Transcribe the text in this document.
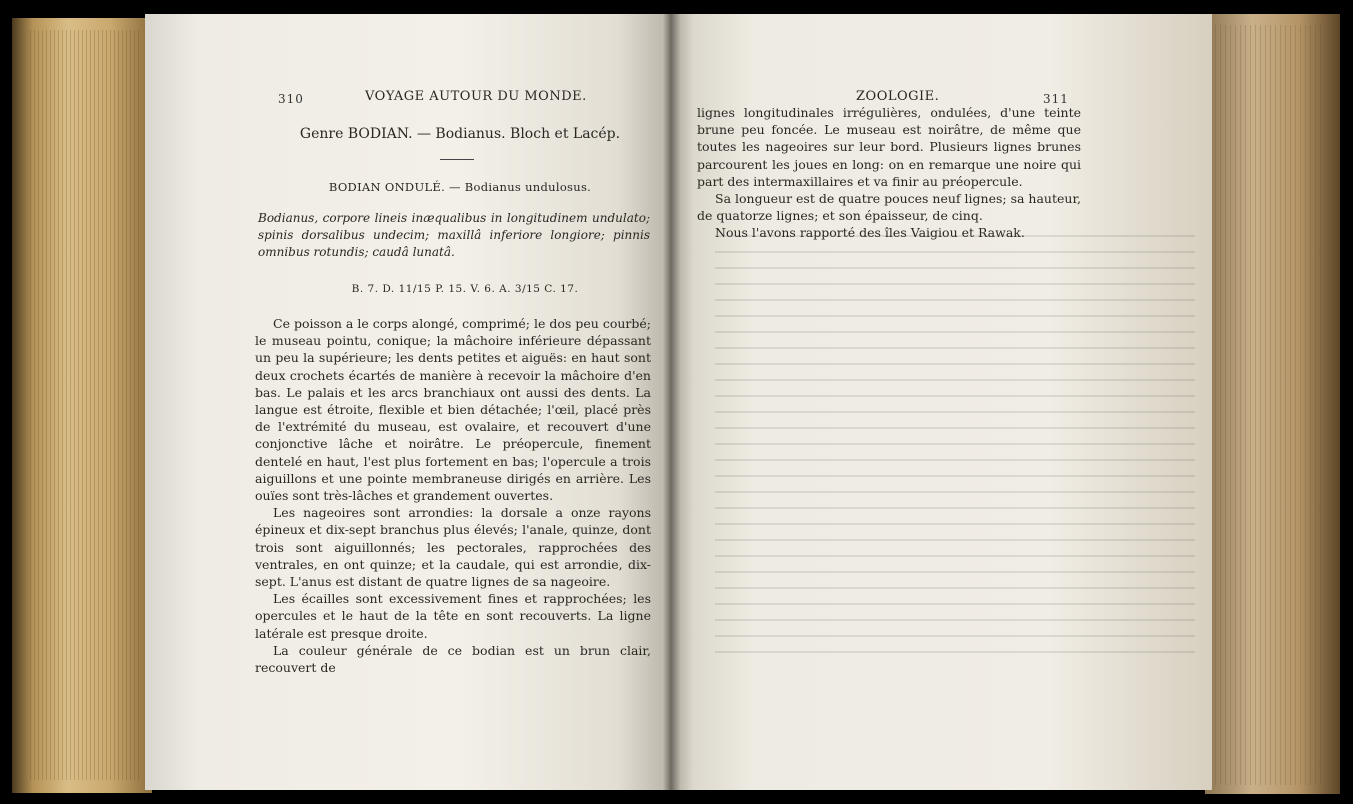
310	VOYAGE AUTOUR DU MONDE.
Genre BODIAN. — Bodianus. Bloch et Lacép.
BODIAN ONDULÉ. — Bodianus undulosus.
Bodianus, corpore lineis inæqualibus in longitudinem undulato; spinis dorsalibus undecim; maxillâ inferiore longiore; pinnis omnibus rotundis; caudâ lunatâ.
B. 7. D. 11/15 P. 15. V. 6. A. 3/15 C. 17.

Ce poisson a le corps alongé, comprimé; le dos peu courbé; le museau pointu, conique; la mâchoire inférieure dépassant un peu la supérieure; les dents petites et aiguës: en haut sont deux crochets écartés de manière à recevoir la mâchoire d'en bas. Le palais et les arcs branchiaux ont aussi des dents. La langue est étroite, flexible et bien détachée; l'œil, placé près de l'extrémité du museau, est ovalaire, et recouvert d'une conjonctive lâche et noirâtre. Le préopercule, finement dentelé en haut, l'est plus fortement en bas; l'opercule a trois aiguillons et une pointe membraneuse dirigés en arrière. Les ouïes sont très-lâches et grandement ouvertes.

Les nageoires sont arrondies: la dorsale a onze rayons épineux et dix-sept branchus plus élevés; l'anale, quinze, dont trois sont aiguillonnés; les pectorales, rapprochées des ventrales, en ont quinze; et la caudale, qui est arrondie, dix-sept. L'anus est distant de quatre lignes de sa nageoire.

Les écailles sont excessivement fines et rapprochées; les opercules et le haut de la tête en sont recouverts. La ligne latérale est presque droite.

La couleur générale de ce bodian est un brun clair, recouvert de

ZOOLOGIE.	311

lignes longitudinales irrégulières, ondulées, d'une teinte brune peu foncée. Le museau est noirâtre, de même que toutes les nageoires sur leur bord. Plusieurs lignes brunes parcourent les joues en long: on en remarque une noire qui part des intermaxillaires et va finir au préopercule.

Sa longueur est de quatre pouces neuf lignes; sa hauteur, de quatorze lignes; et son épaisseur, de cinq.

Nous l'avons rapporté des îles Vaigiou et Rawak.
